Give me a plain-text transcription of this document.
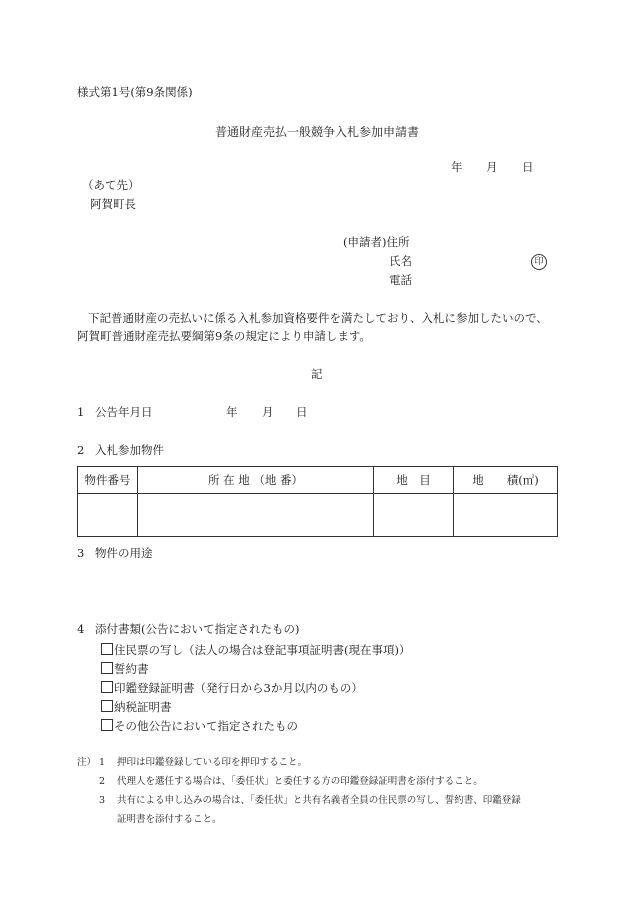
様式第1号(第9条関係)
普通財産売払一般競争入札参加申請書
年 月 日
（あて先）
阿賀町長
(申請者)住所
氏名	印
電話
下記普通財産の売払いに係る入札参加資格要件を満たしており、入札に参加したいので、
阿賀町普通財産売払要綱第9条の規定により申請します。
記
1 公告年月日	年 月 日
2 入札参加物件
物件番号	所 在 地 （地 番）	地　目	地　　積(㎡)

3 物件の用途
4 添付書類(公告において指定されたもの)
住民票の写し（法人の場合は登記事項証明書(現在事項)）
誓約書
印鑑登録証明書（発行日から3か月以内のもの）
納税証明書
その他公告において指定されたもの
注） 1 押印は印鑑登録している印を押印すること。
2 代理人を選任する場合は、「委任状」と委任する方の印鑑登録証明書を添付すること。
3 共有による申し込みの場合は、「委任状」と共有名義者全員の住民票の写し、誓約書、印鑑登録
証明書を添付すること。
